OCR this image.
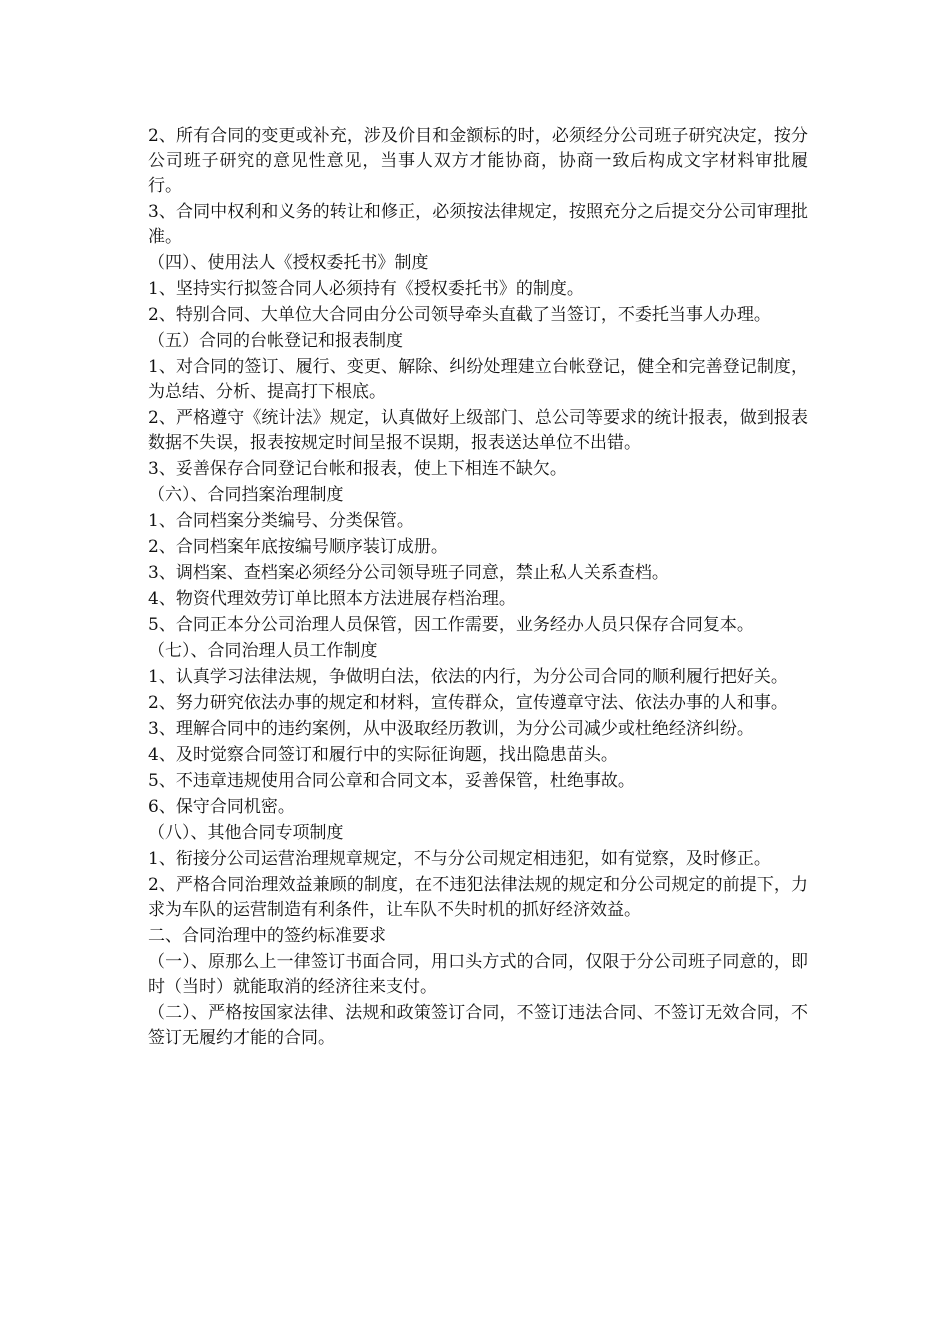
2、所有合同的变更或补充，涉及价目和金额标的时，必须经分公司班子研究决定，按分公司班子研究的意见性意见，当事人双方才能协商，协商一致后构成文字材料审批履行。

3、合同中权利和义务的转让和修正，必须按法律规定，按照充分之后提交分公司审理批准。

（四）、使用法人《授权委托书》制度

1、坚持实行拟签合同人必须持有《授权委托书》的制度。

2、特别合同、大单位大合同由分公司领导牵头直截了当签订，不委托当事人办理。

（五）合同的台帐登记和报表制度

1、对合同的签订、履行、变更、解除、纠纷处理建立台帐登记，健全和完善登记制度，为总结、分析、提高打下根底。

2、严格遵守《统计法》规定，认真做好上级部门、总公司等要求的统计报表，做到报表数据不失误，报表按规定时间呈报不误期，报表送达单位不出错。

3、妥善保存合同登记台帐和报表，使上下相连不缺欠。

（六）、合同挡案治理制度

1、合同档案分类编号、分类保管。

2、合同档案年底按编号顺序装订成册。

3、调档案、查档案必须经分公司领导班子同意，禁止私人关系查档。

4、物资代理效劳订单比照本方法进展存档治理。

5、合同正本分公司治理人员保管，因工作需要，业务经办人员只保存合同复本。

（七）、合同治理人员工作制度

1、认真学习法律法规，争做明白法，依法的内行，为分公司合同的顺利履行把好关。

2、努力研究依法办事的规定和材料，宣传群众，宣传遵章守法、依法办事的人和事。

3、理解合同中的违约案例，从中汲取经历教训，为分公司减少或杜绝经济纠纷。

4、及时觉察合同签订和履行中的实际征询题，找出隐患苗头。

5、不违章违规使用合同公章和合同文本，妥善保管，杜绝事故。

6、保守合同机密。

（八）、其他合同专项制度

1、衔接分公司运营治理规章规定，不与分公司规定相违犯，如有觉察，及时修正。

2、严格合同治理效益兼顾的制度，在不违犯法律法规的规定和分公司规定的前提下，力求为车队的运营制造有利条件，让车队不失时机的抓好经济效益。

二、合同治理中的签约标准要求

（一）、原那么上一律签订书面合同，用口头方式的合同，仅限于分公司班子同意的，即时（当时）就能取消的经济往来支付。

（二）、严格按国家法律、法规和政策签订合同，不签订违法合同、不签订无效合同，不签订无履约才能的合同。
